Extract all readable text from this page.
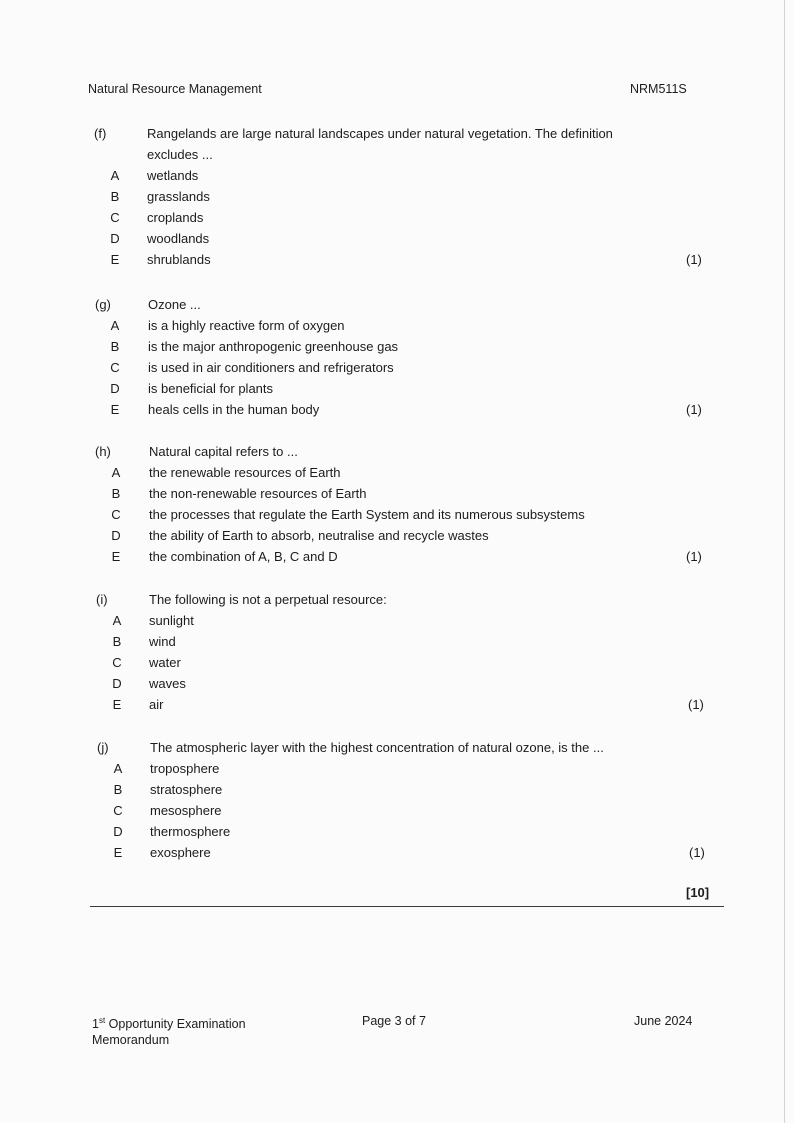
Natural Resource Management	NRM511S
(f)	Rangelands are large natural landscapes under natural vegetation. The definition
excludes ...
A	wetlands
B	grasslands
C	croplands
D	woodlands
E	shrublands	(1)
(g)	Ozone ...
A	is a highly reactive form of oxygen
B	is the major anthropogenic greenhouse gas
C	is used in air conditioners and refrigerators
D	is beneficial for plants
E	heals cells in the human body	(1)
(h)	Natural capital refers to ...
A	the renewable resources of Earth
B	the non-renewable resources of Earth
C	the processes that regulate the Earth System and its numerous subsystems
D	the ability of Earth to absorb, neutralise and recycle wastes
E	the combination of A, B, C and D	(1)
(i)	The following is not a perpetual resource:
A	sunlight
B	wind
C	water
D	waves
E	air	(1)
(j)	The atmospheric layer with the highest concentration of natural ozone, is the ...
A	troposphere
B	stratosphere
C	mesosphere
D	thermosphere
E	exosphere	(1)
[10]
1st Opportunity Examination
Memorandum
Page 3 of 7	June 2024
